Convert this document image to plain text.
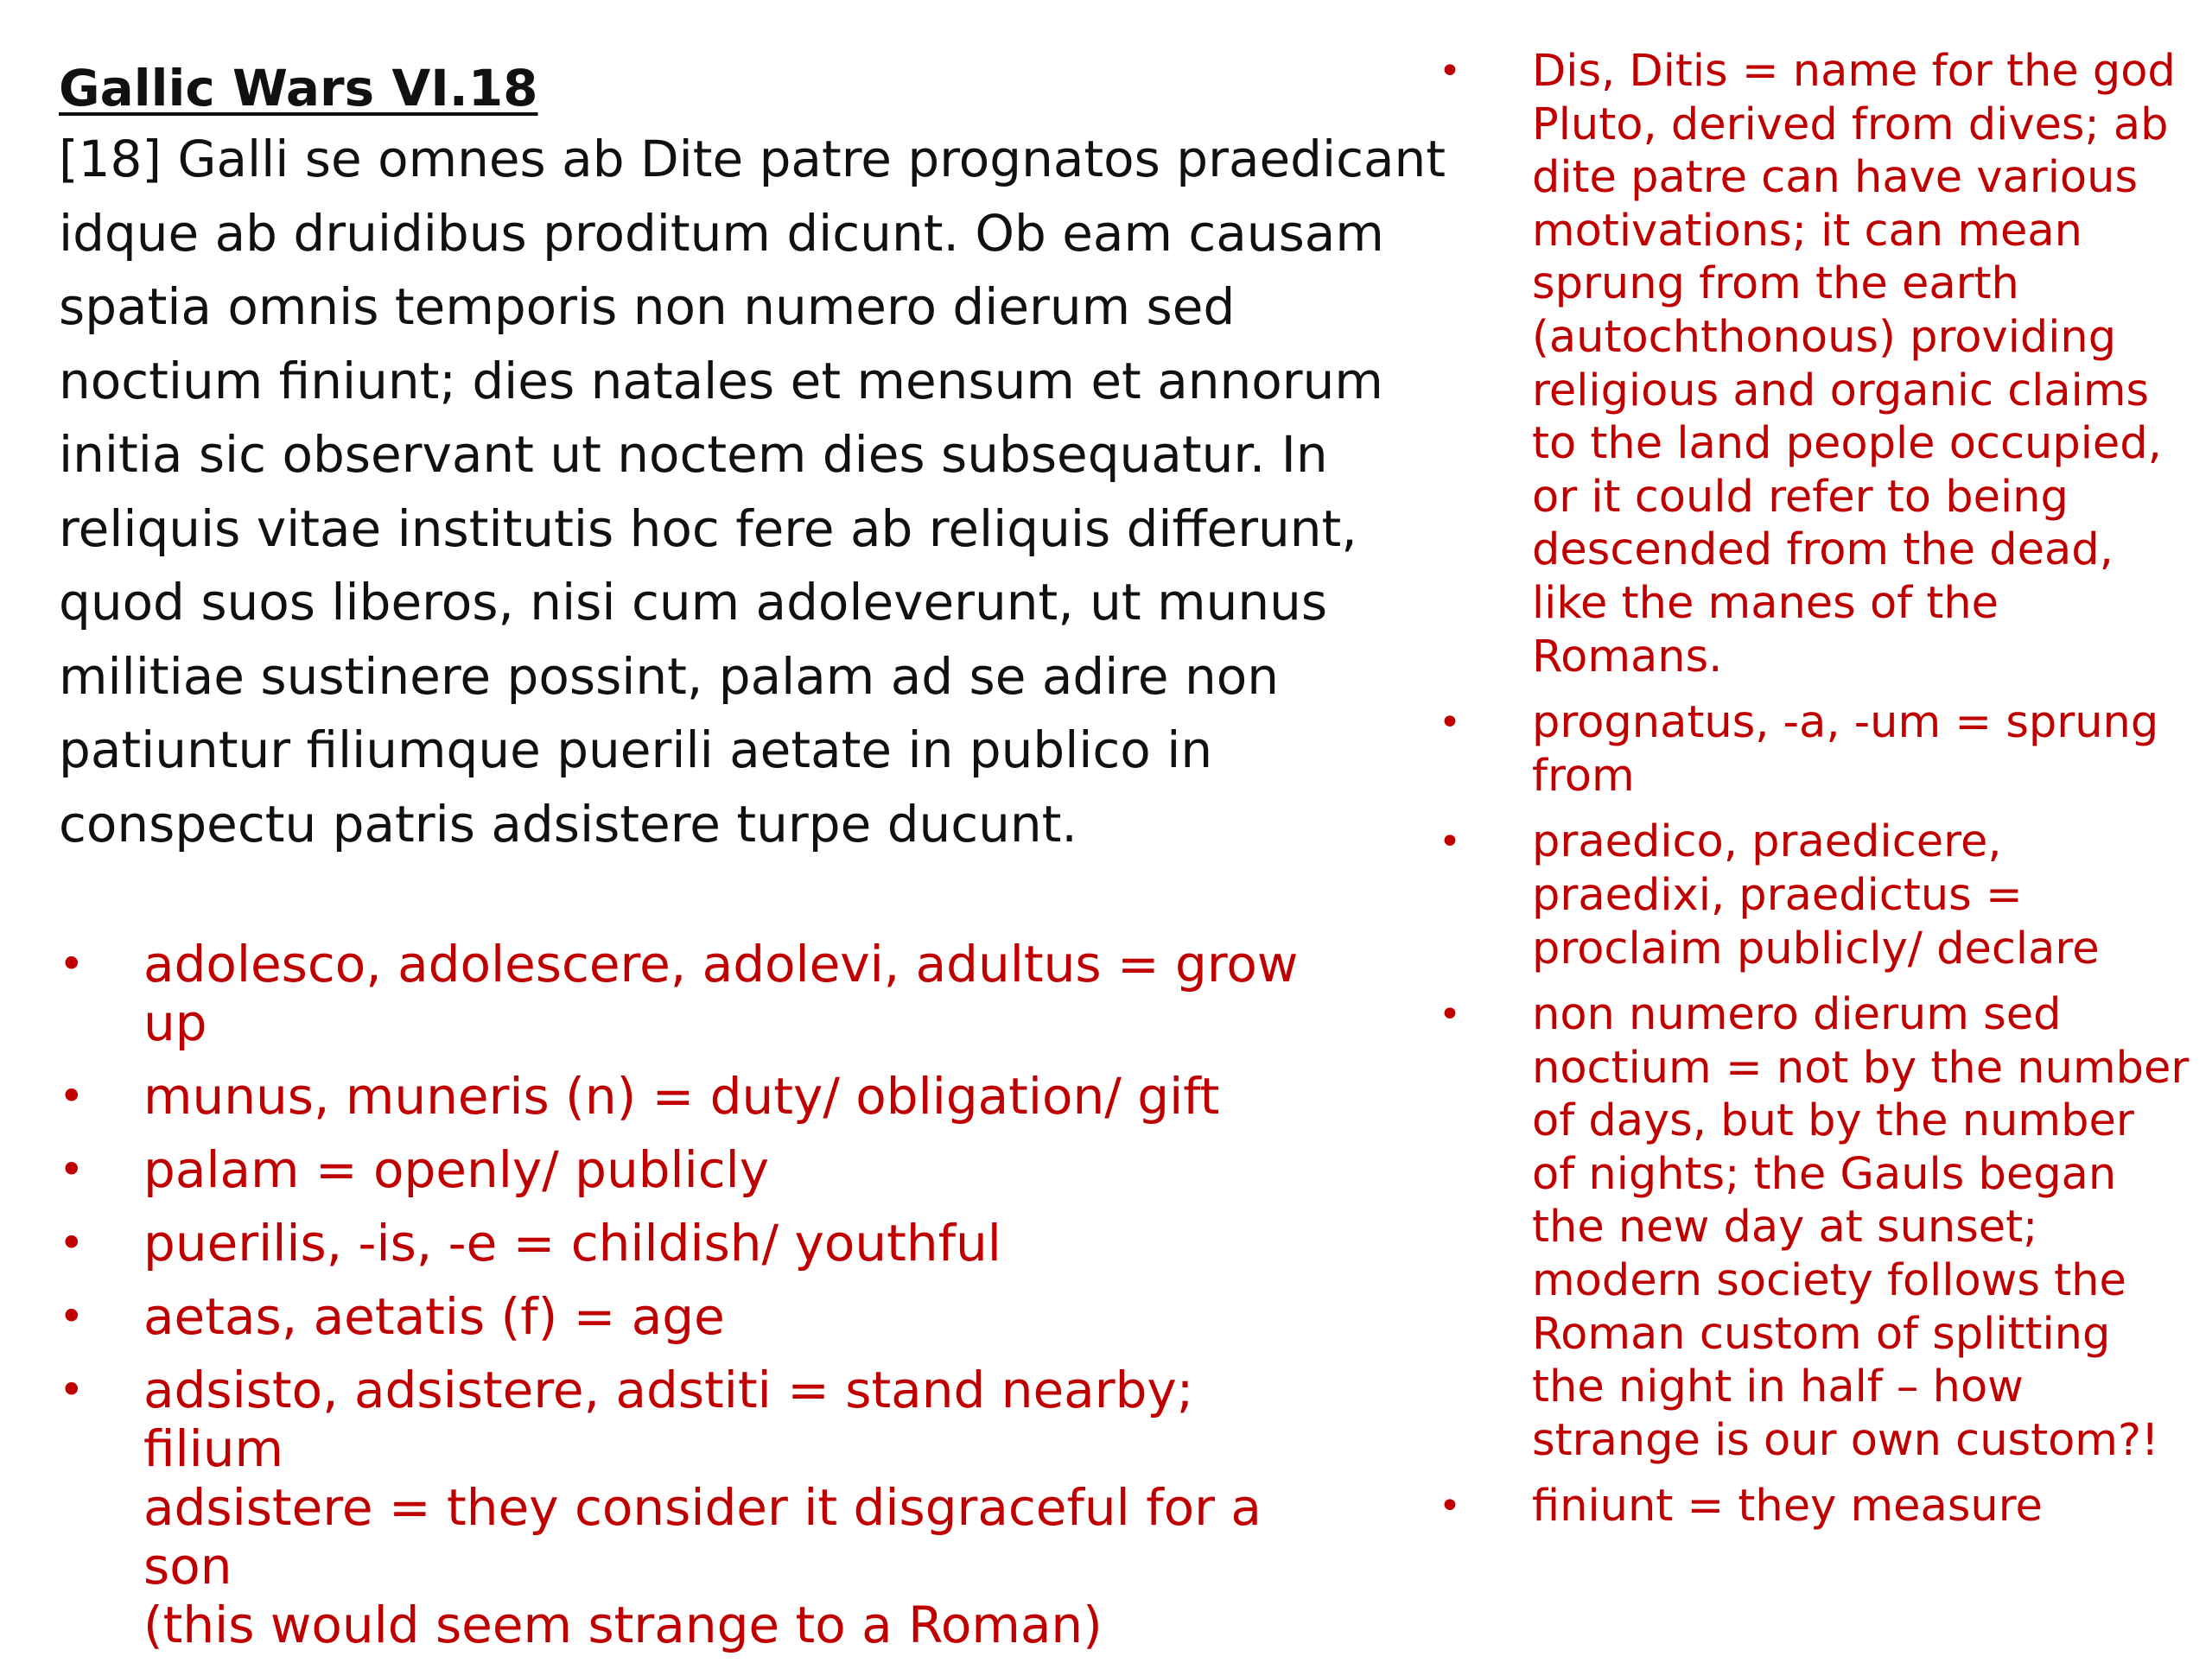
Gallic Wars VI.18

[18] Galli se omnes ab Dite patre prognatos praedicant
idque ab druidibus proditum dicunt. Ob eam causam
spatia omnis temporis non numero dierum sed
noctium finiunt; dies natales et mensum et annorum
initia sic observant ut noctem dies subsequatur. In
reliquis vitae institutis hoc fere ab reliquis differunt,
quod suos liberos, nisi cum adoleverunt, ut munus
militiae sustinere possint, palam ad se adire non
patiuntur filiumque puerili aetate in publico in
conspectu patris adsistere turpe ducunt.

• adolesco, adolescere, adolevi, adultus = grow
up
• munus, muneris (n) = duty/ obligation/ gift
• palam = openly/ publicly
• puerilis, -is, -e = childish/ youthful
• aetas, aetatis (f) = age
• adsisto, adsistere, adstiti = stand nearby; filium
adsistere = they consider it disgraceful for a son
(this would seem strange to a Roman)
• Dis, Ditis = name for the god
Pluto, derived from dives; ab
dite patre can have various
motivations; it can mean
sprung from the earth
(autochthonous) providing
religious and organic claims
to the land people occupied,
or it could refer to being
descended from the dead,
like the manes of the
Romans.
• prognatus, -a, -um = sprung
from
• praedico, praedicere,
praedixi, praedictus =
proclaim publicly/ declare
• non numero dierum sed
noctium = not by the number
of days, but by the number
of nights; the Gauls began
the new day at sunset;
modern society follows the
Roman custom of splitting
the night in half – how
strange is our own custom?!
• finiunt = they measure
